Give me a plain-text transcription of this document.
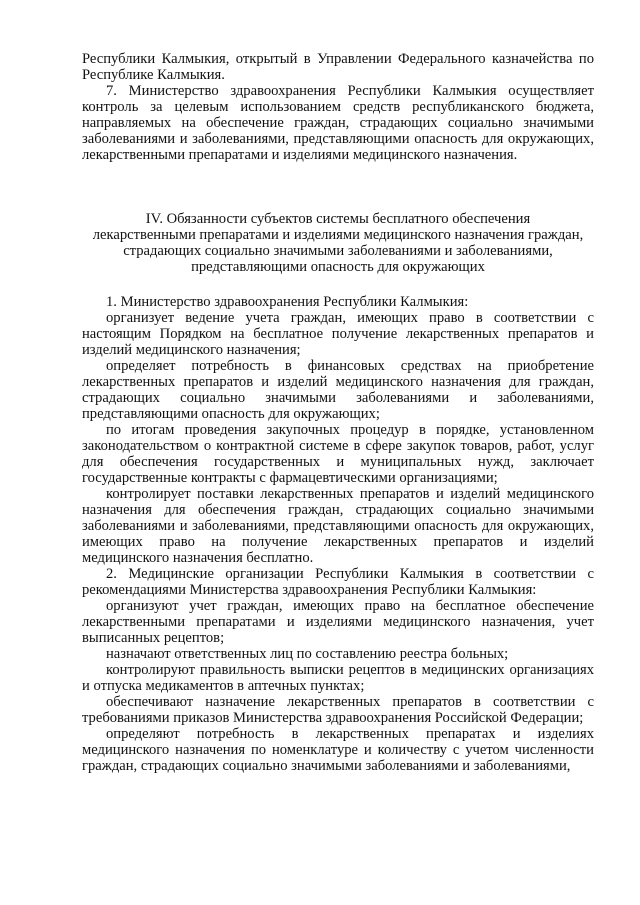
Республики Калмыкия, открытый в Управлении Федерального казначейства по Республике Калмыкия.

7. Министерство здравоохранения Республики Калмыкия осуществляет контроль за целевым использованием средств республиканского бюджета, направляемых на обеспечение граждан, страдающих социально значимыми заболеваниями и заболеваниями, представляющими опасность для окружающих, лекарственными препаратами и изделиями медицинского назначения.

IV. Обязанности субъектов системы бесплатного обеспечения
лекарственными препаратами и изделиями медицинского назначения граждан,
страдающих социально значимыми заболеваниями и заболеваниями,
представляющими опасность для окружающих

1. Министерство здравоохранения Республики Калмыкия:

организует ведение учета граждан, имеющих право в соответствии с настоящим Порядком на бесплатное получение лекарственных препаратов и изделий медицинского назначения;

определяет потребность в финансовых средствах на приобретение лекарственных препаратов и изделий медицинского назначения для граждан, страдающих социально значимыми заболеваниями и заболеваниями, представляющими опасность для окружающих;

по итогам проведения закупочных процедур в порядке, установленном законодательством о контрактной системе в сфере закупок товаров, работ, услуг для обеспечения государственных и муниципальных нужд, заключает государственные контракты с фармацевтическими организациями;

контролирует поставки лекарственных препаратов и изделий медицинского назначения для обеспечения граждан, страдающих социально значимыми заболеваниями и заболеваниями, представляющими опасность для окружающих, имеющих право на получение лекарственных препаратов и изделий медицинского назначения бесплатно.

2. Медицинские организации Республики Калмыкия в соответствии с рекомендациями Министерства здравоохранения Республики Калмыкия:

организуют учет граждан, имеющих право на бесплатное обеспечение лекарственными препаратами и изделиями медицинского назначения, учет выписанных рецептов;

назначают ответственных лиц по составлению реестра больных;

контролируют правильность выписки рецептов в медицинских организациях и отпуска медикаментов в аптечных пунктах;

обеспечивают назначение лекарственных препаратов в соответствии с требованиями приказов Министерства здравоохранения Российской Федерации;

определяют потребность в лекарственных препаратах и изделиях медицинского назначения по номенклатуре и количеству с учетом численности граждан, страдающих социально значимыми заболеваниями и заболеваниями,
